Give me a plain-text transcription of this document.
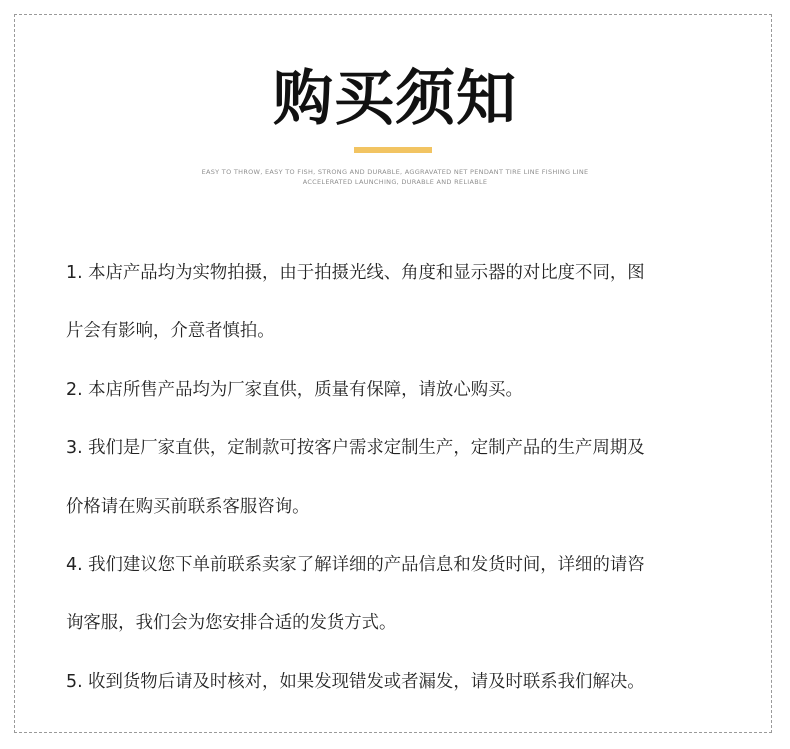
购买须知
EASY TO THROW, EASY TO FISH, STRONG AND DURABLE, AGGRAVATED NET PENDANT TIRE LINE FISHING LINE
ACCELERATED LAUNCHING, DURABLE AND RELIABLE
1. 本店产品均为实物拍摄，由于拍摄光线、角度和显示器的对比度不同，图
片会有影响，介意者慎拍。
2. 本店所售产品均为厂家直供，质量有保障，请放心购买。
3. 我们是厂家直供，定制款可按客户需求定制生产，定制产品的生产周期及
价格请在购买前联系客服咨询。
4. 我们建议您下单前联系卖家了解详细的产品信息和发货时间，详细的请咨
询客服，我们会为您安排合适的发货方式。
5. 收到货物后请及时核对，如果发现错发或者漏发，请及时联系我们解决。
